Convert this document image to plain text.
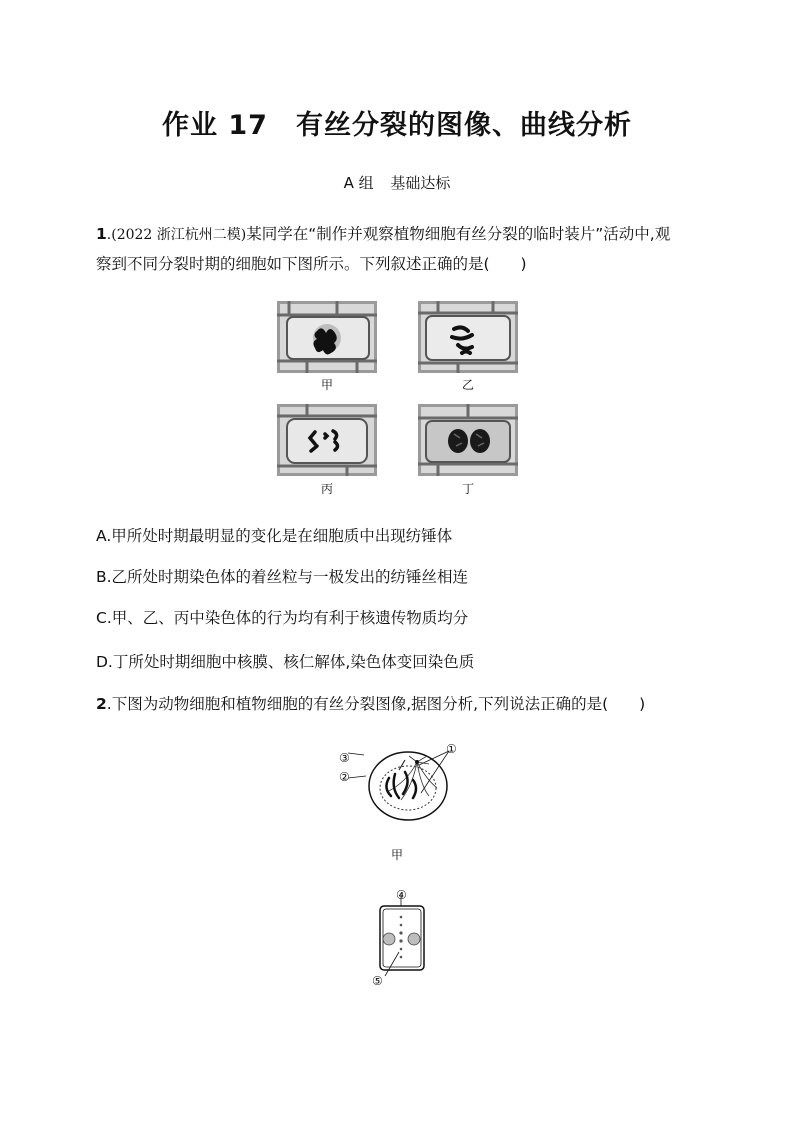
作业 17　有丝分裂的图像、曲线分析
A 组 基础达标
1.(2022 浙江杭州二模)某同学在“制作并观察植物细胞有丝分裂的临时装片”活动中,观
察到不同分裂时期的细胞如下图所示。下列叙述正确的是(　　)
甲	乙
丙	丁
A.甲所处时期最明显的变化是在细胞质中出现纺锤体
B.乙所处时期染色体的着丝粒与一极发出的纺锤丝相连
C.甲、乙、丙中染色体的行为均有利于核遗传物质均分
D.丁所处时期细胞中核膜、核仁解体,染色体变回染色质
2.下图为动物细胞和植物细胞的有丝分裂图像,据图分析,下列说法正确的是(　　)
③
②
①
甲
④
⑤
